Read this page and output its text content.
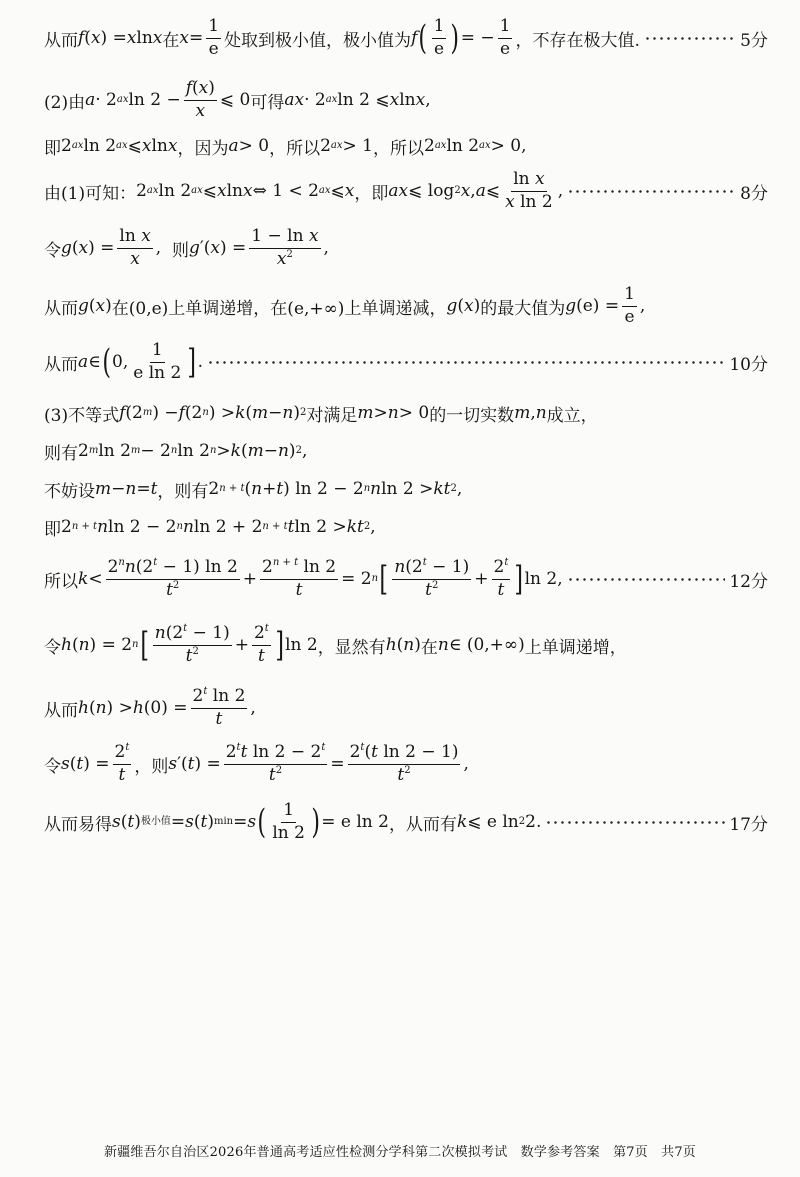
从而 f ( x ) = x ln x 在 $x = \frac{1}{e}$ 处取到极小值，极小值为 f ( $\frac{1}{e}$ ) = − $\frac{1}{e}$ ，不存在极大值.	5分
(2)由 a · 2 ax $\ln 2 - \frac{f(x)}{x}$ ⩽ 0 可得 ax · 2 ax ln 2 ⩽ x ln x ,
即 2 ax ln 2 ax ⩽ x ln x ，因为 a > 0 ，所以 2 ax > 1 ，所以 2 ax ln 2 ax > 0,
由(1)可知： 2 ax ln 2 ax ⩽ x ln x ⇔ 1 < 2 ax ⩽ x ，即 ax ⩽ log 2 x , a ⩽ $\frac{\text{ln x}}{\text{x ln 2}}$ ,	8分
令 g ( x ) = $\frac{\text{ln x}}{x}$ , 则 g ′( x ) = $\frac{\text{1 − ln x}}{x^2}$ ,
从而 g ( x ) 在(0,e)上单调递增，在(e,+∞)上单调递减， g ( x ) 的最大值为 g $(e) = \frac{1}{e}$ ,
从而 a ∈ ( 0, $\frac{1}{\text{e ln 2}}$ ] .	10分
(3)不等式 f (2 m ) − f (2 n ) > k ( m − n ) 2 对满足 m > n > 0 的一切实数 m , n 成立，
则有 2 m ln 2 m − 2 n ln 2 n > k ( m − n ) 2 ,
不妨设 m − n = t ，则有 2 n + t ( n + t ) ln 2 − 2 n n ln 2 > kt 2 ,
即 2 n + t n ln 2 − 2 n n ln 2 + 2 n + t t ln 2 > kt 2 ,
所以 $k < \frac{2^nn(2^t - 1) \ln 2}{t^2} + \frac{2^{n + t} \ln 2}{t} = 2$ n [ $\frac{n(2^t - 1)}{t^2} + \frac{2^t}{t}$ ] ln 2,	12分
令 h ( n ) = 2 n [ $\frac{n(2^t - 1)}{t^2} + \frac{2^t}{t}$ ] ln 2 ，显然有 h ( n ) 在 n ∈ (0,+∞) 上单调递增，
从而 h ( n ) > h $(0) = \frac{2^t \ln 2}{t}$ ,
令 s ( t ) = $\frac{2^t}{t}$ ，则 s ′( t ) = $\frac{2^tt \ln 2 - 2^t}{t^2} = \frac{2^t(t \ln 2 - 1)}{t^2}$ ,
从而易得 s ( t ) 极小值 = s ( t ) min = s ( $\frac{1}{\ln 2}$ ) = e ln 2 ，从而有 k ⩽ e ln 2 2.	17分
新疆维吾尔自治区2026年普通高考适应性检测分学科第二次模拟考试　数学参考答案　第7页　共7页
